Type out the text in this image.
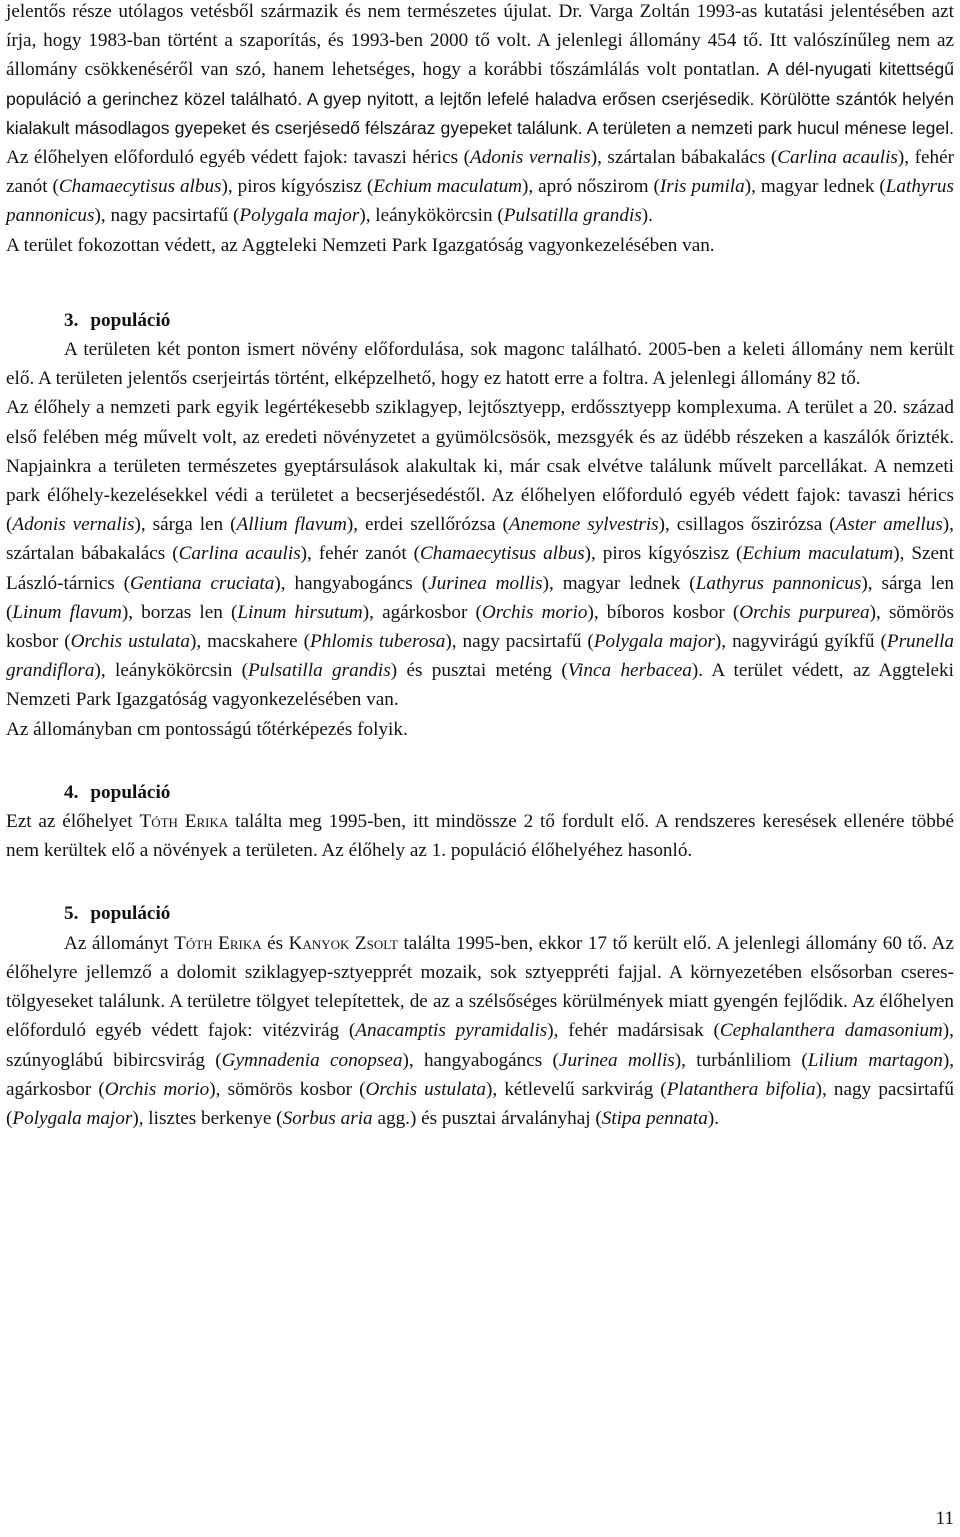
jelentős része utólagos vetésből származik és nem természetes újulat. Dr. Varga Zoltán 1993-as kutatási jelentésében azt írja, hogy 1983-ban történt a szaporítás, és 1993-ben 2000 tő volt. A jelenlegi állomány 454 tő. Itt valószínűleg nem az állomány csökkenéséről van szó, hanem lehetséges, hogy a korábbi tőszámlálás volt pontatlan. A dél-nyugati kitettségű populáció a gerinchez közel található. A gyep nyitott, a lejtőn lefelé haladva erősen cserjésedik. Körülötte szántók helyén kialakult másodlagos gyepeket és cserjésedő félszáraz gyepeket találunk. A területen a nemzeti park hucul ménese legel. Az élőhelyen előforduló egyéb védett fajok: tavaszi hérics (Adonis vernalis), szártalan bábakalács (Carlina acaulis), fehér zanót (Chamaecytisus albus), piros kígyószisz (Echium maculatum), apró nőszirom (Iris pumila), magyar lednek (Lathyrus pannonicus), nagy pacsirtafű (Polygala major), leánykökörcsin (Pulsatilla grandis).

A terület fokozottan védett, az Aggteleki Nemzeti Park Igazgatóság vagyonkezelésében van.

3. populáció

A területen két ponton ismert növény előfordulása, sok magonc található. 2005-ben a keleti állomány nem került elő. A területen jelentős cserjeirtás történt, elképzelhető, hogy ez hatott erre a foltra. A jelenlegi állomány 82 tő.

Az élőhely a nemzeti park egyik legértékesebb sziklagyep, lejtősztyepp, erdőssztyepp komplexuma. A terület a 20. század első felében még művelt volt, az eredeti növényzetet a gyümölcsösök, mezsgyék és az üdébb részeken a kaszálók őrizték. Napjainkra a területen természetes gyeptársulások alakultak ki, már csak elvétve találunk művelt parcellákat. A nemzeti park élőhely-kezelésekkel védi a területet a becserjésedéstől. Az élőhelyen előforduló egyéb védett fajok: tavaszi hérics (Adonis vernalis), sárga len (Allium flavum), erdei szellőrózsa (Anemone sylvestris), csillagos őszirózsa (Aster amellus), szártalan bábakalács (Carlina acaulis), fehér zanót (Chamaecytisus albus), piros kígyószisz (Echium maculatum), Szent László-tárnics (Gentiana cruciata), hangyabogáncs (Jurinea mollis), magyar lednek (Lathyrus pannonicus), sárga len (Linum flavum), borzas len (Linum hirsutum), agárkosbor (Orchis morio), bíboros kosbor (Orchis purpurea), sömörös kosbor (Orchis ustulata), macskahere (Phlomis tuberosa), nagy pacsirtafű (Polygala major), nagyvirágú gyíkfű (Prunella grandiflora), leánykökörcsin (Pulsatilla grandis) és pusztai meténg (Vinca herbacea). A terület védett, az Aggteleki Nemzeti Park Igazgatóság vagyonkezelésében van.

Az állományban cm pontosságú tőtérképezés folyik.

4. populáció

Ezt az élőhelyet Tóth Erika találta meg 1995-ben, itt mindössze 2 tő fordult elő. A rendszeres keresések ellenére többé nem kerültek elő a növények a területen. Az élőhely az 1. populáció élőhelyéhez hasonló.

5. populáció

Az állományt Tóth Erika és Kanyok Zsolt találta 1995-ben, ekkor 17 tő került elő. A jelenlegi állomány 60 tő. Az élőhelyre jellemző a dolomit sziklagyep-sztyepprét mozaik, sok sztyeppréti fajjal. A környezetében elsősorban cseres-tölgyeseket találunk. A területre tölgyet telepítettek, de az a szélsőséges körülmények miatt gyengén fejlődik. Az élőhelyen előforduló egyéb védett fajok: vitézvirág (Anacamptis pyramidalis), fehér madársisak (Cephalanthera damasonium), szúnyoglábú bibircsvirág (Gymnadenia conopsea), hangyabogáncs (Jurinea mollis), turbánliliom (Lilium martagon), agárkosbor (Orchis morio), sömörös kosbor (Orchis ustulata), kétlevelű sarkvirág (Platanthera bifolia), nagy pacsirtafű (Polygala major), lisztes berkenye (Sorbus aria agg.) és pusztai árvalányhaj (Stipa pennata).

11
